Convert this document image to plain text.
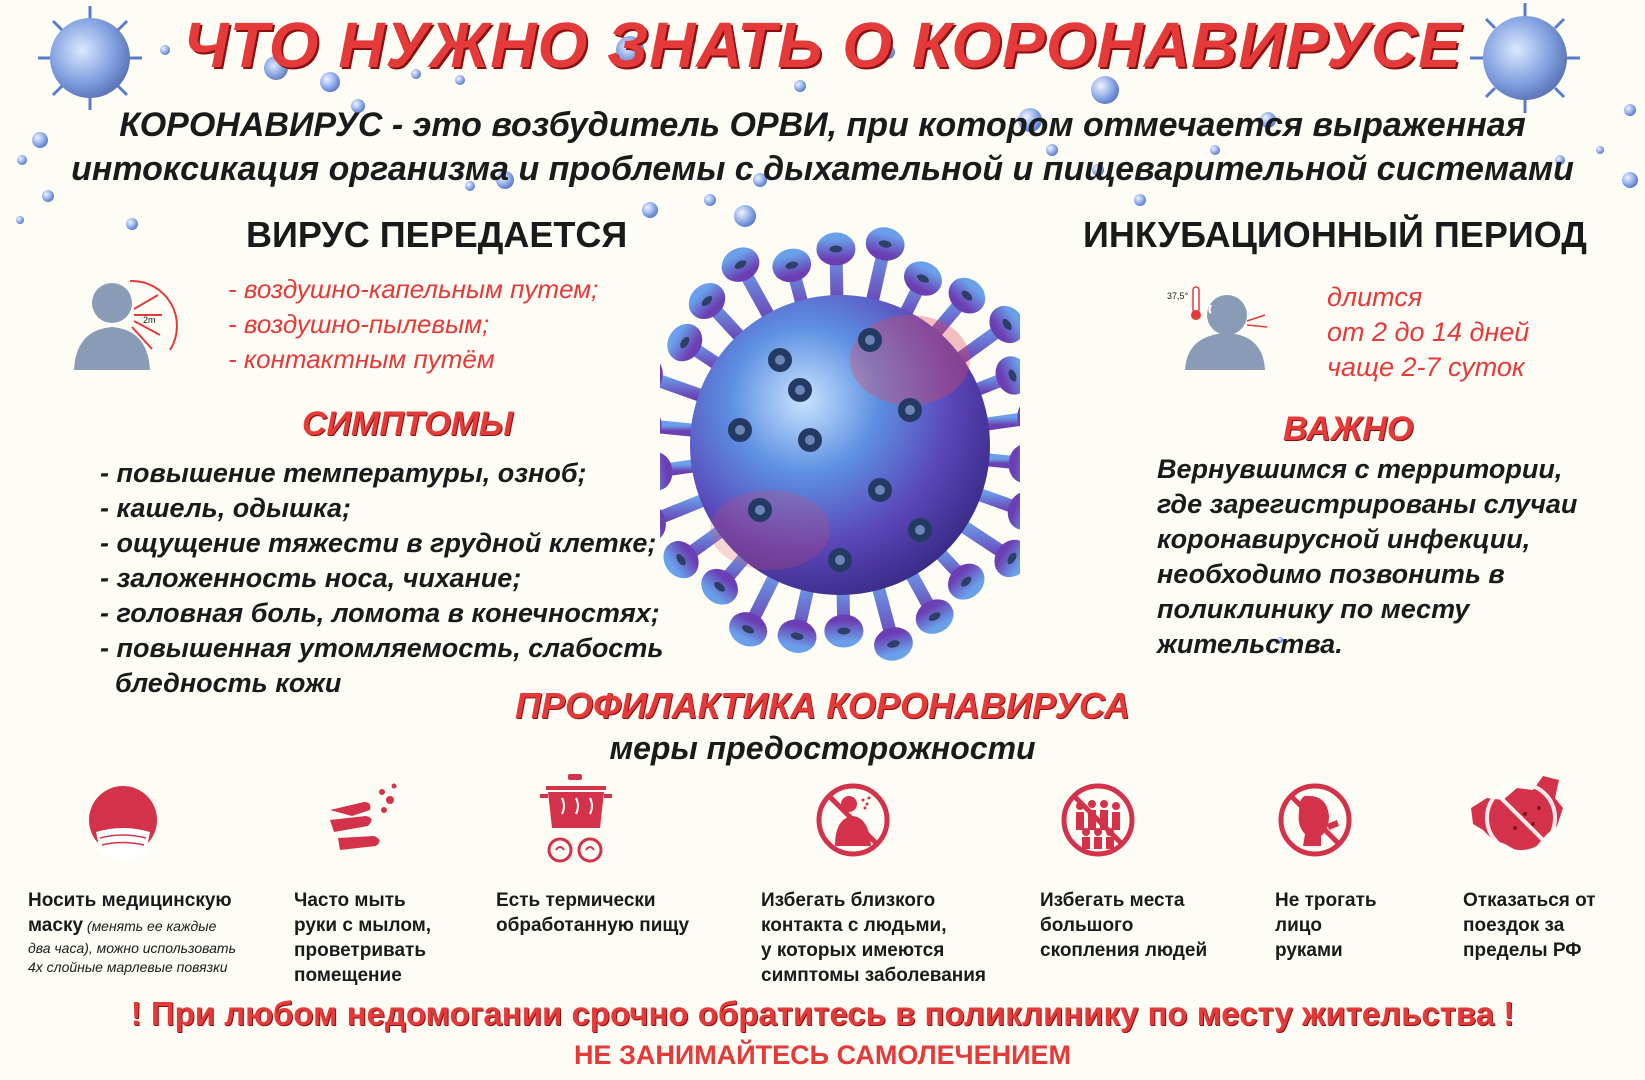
ЧТО НУЖНО ЗНАТЬ О КОРОНАВИРУСЕ
КОРОНАВИРУС - это возбудитель ОРВИ, при котором отмечается выраженная
интоксикация организма и проблемы с дыхательной и пищеварительной системами
ВИРУС ПЕРЕДАЕТСЯ
2m
- воздушно-капельным путем;
- воздушно-пылевым;
- контактным путём
ИНКУБАЦИОННЫЙ ПЕРИОД
37,5°	длится
от 2 до 14 дней
чаще 2-7 суток
СИМПТОМЫ
- повышение температуры, озноб;
- кашель, одышка;
- ощущение тяжести в грудной клетке;
- заложенность носа, чихание;
- головная боль, ломота в конечностях;
- повышенная утомляемость, слабость
бледность кожи
ВАЖНО
Вернувшимся с территории,
где зарегистрированы случаи
коронавирусной инфекции,
необходимо позвонить в
поликлинику по месту
жительства.
ПРОФИЛАКТИКА КОРОНАВИРУСА
меры предосторожности
Носить медицинскую
маску (менять ее каждые
два часа), можно использовать
4х слойные марлевые повязки
Часто мыть
руки с мылом,
проветривать
помещение
Есть термически
обработанную пищу
Избегать близкого
контакта с людьми,
у которых имеются
симптомы заболевания
Избегать места
большого
скопления людей
Не трогать
лицо
руками
Отказаться от
поездок за
пределы РФ
! При любом недомогании срочно обратитесь в поликлинику по месту жительства !
НЕ ЗАНИМАЙТЕСЬ САМОЛЕЧЕНИЕМ
